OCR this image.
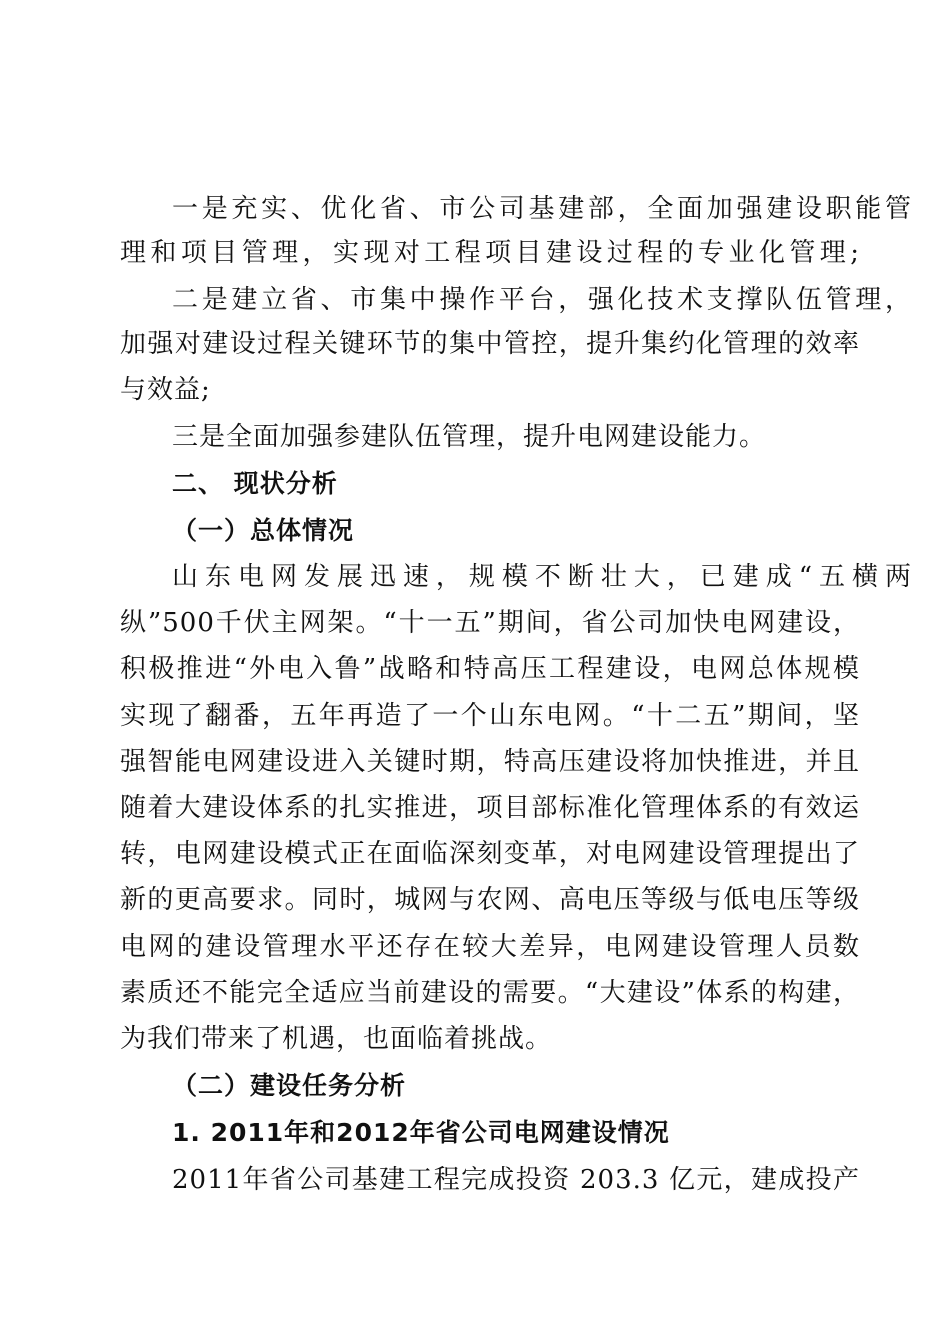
一是充实、优化省、市公司基建部，全面加强建设职能管
理和项目管理，实现对工程项目建设过程的专业化管理;
二是建立省、市集中操作平台，强化技术支撑队伍管理，
加强对建设过程关键环节的集中管控，提升集约化管理的效率
与效益;
三是全面加强参建队伍管理，提升电网建设能力。
二、 现状分析
（一）总体情况
山东电网发展迅速，规模不断壮大，已建成“五横两
纵”500千伏主网架。“十一五”期间，省公司加快电网建设，
积极推进“外电入鲁”战略和特高压工程建设，电网总体规模
实现了翻番，五年再造了一个山东电网。“十二五”期间，坚
强智能电网建设进入关键时期，特高压建设将加快推进，并且
随着大建设体系的扎实推进，项目部标准化管理体系的有效运
转，电网建设模式正在面临深刻变革，对电网建设管理提出了
新的更高要求。同时，城网与农网、高电压等级与低电压等级
电网的建设管理水平还存在较大差异，电网建设管理人员数
素质还不能完全适应当前建设的需要。“大建设”体系的构建，
为我们带来了机遇，也面临着挑战。
（二）建设任务分析
1. 2011年和2012年省公司电网建设情况
2011年省公司基建工程完成投资 203.3 亿元，建成投产
